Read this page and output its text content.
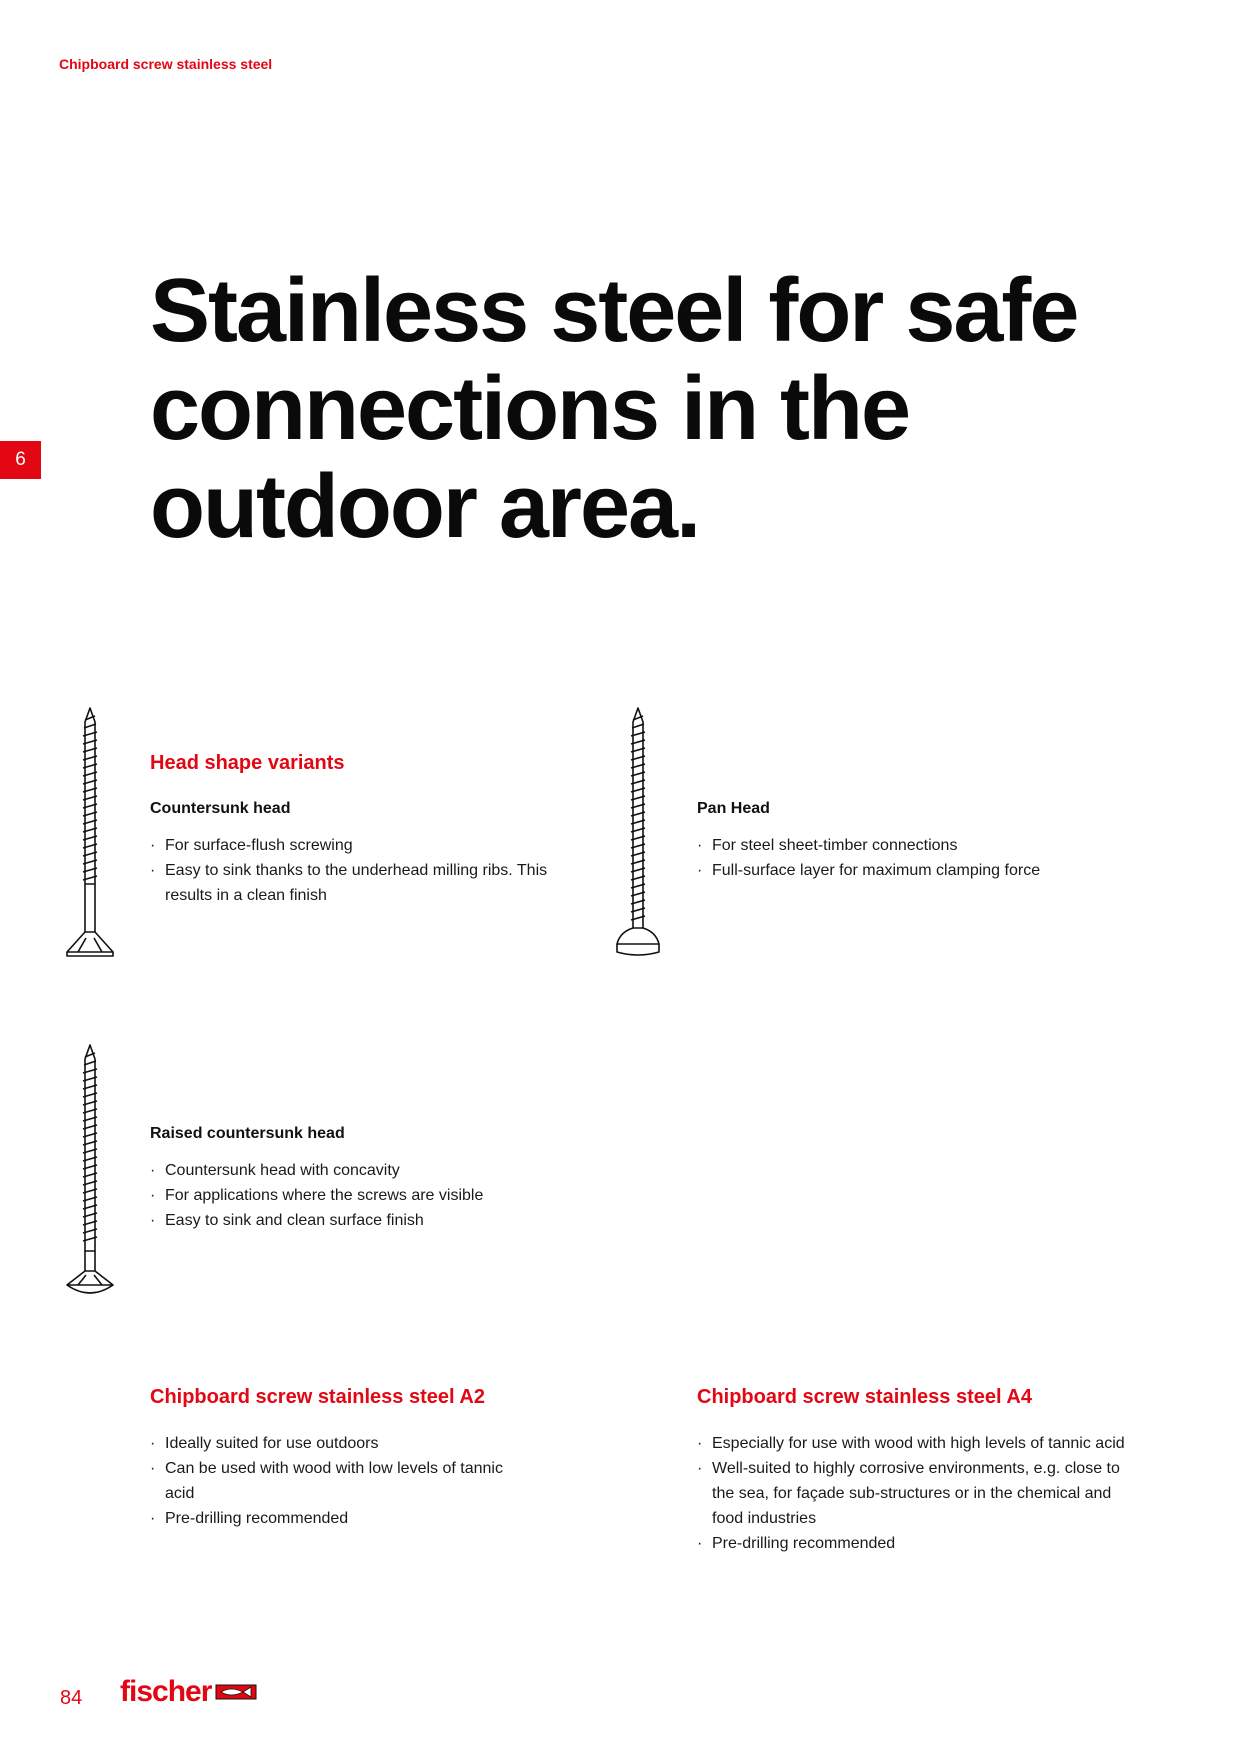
Chipboard screw stainless steel
6
Stainless steel for safe connections in the outdoor area.
Head shape variants
Countersunk head
· For surface-flush screwing
· Easy to sink thanks to the underhead milling ribs. This results in a clean finish
Pan Head
· For steel sheet-timber connections
· Full-surface layer for maximum clamping force
Raised countersunk head
· Countersunk head with concavity
· For applications where the screws are visible
· Easy to sink and clean surface finish
Chipboard screw stainless steel A2
· Ideally suited for use outdoors
· Can be used with wood with low levels of tannic acid
· Pre-drilling recommended
Chipboard screw stainless steel A4
· Especially for use with wood with high levels of tannic acid
· Well-suited to highly corrosive environments, e.g. close to the sea, for façade sub-structures or in the chemical and food industries
· Pre-drilling recommended
84 fischer
